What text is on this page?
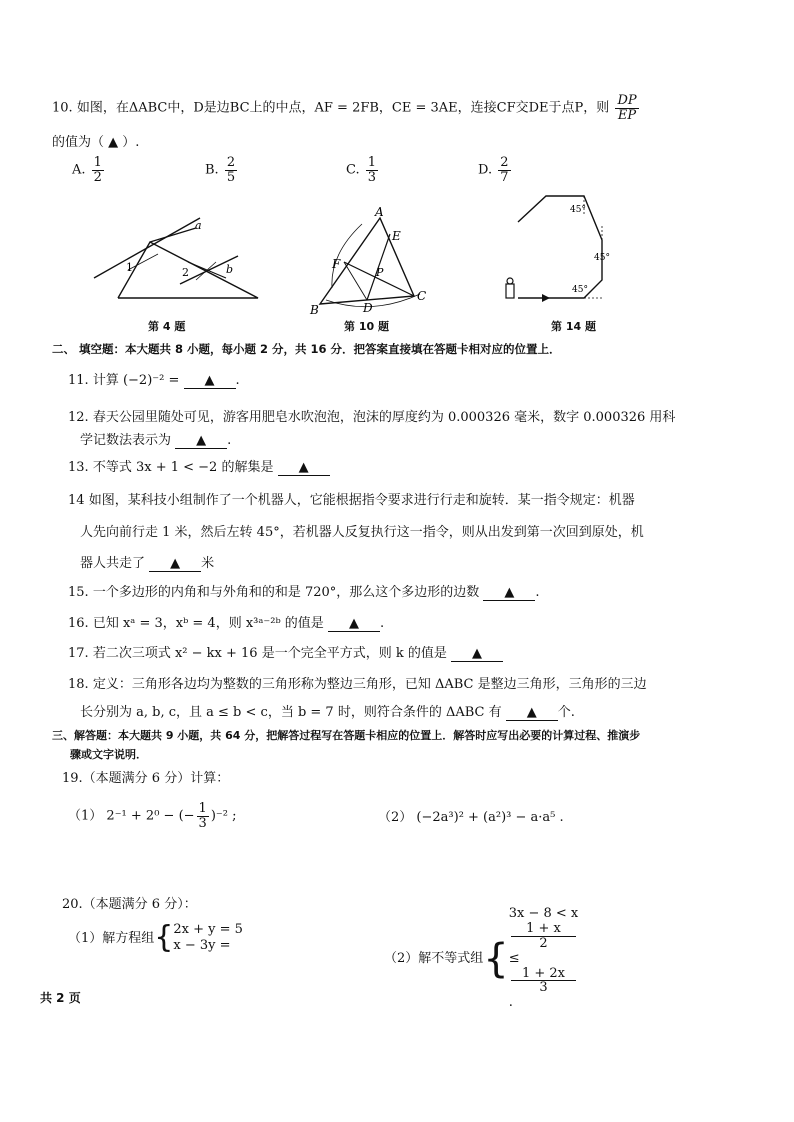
10. 如图，在ΔABC中，D是边BC上的中点，AF = 2FB，CE = 3AE，连接CF交DE于点P，则 $\frac{DP}{EP}$
的值为（ ▲ ）.
A. $\frac{1}{2}$	B. $\frac{2}{5}$	C. $\frac{1}{3}$	D. $\frac{2}{7}$
a
b
1	2
第 4 题
A
B
C
D
E
F
P
第 10 题
45°
45°
45°
第 14 题
二、 填空题：本大题共 8 小题，每小题 2 分，共 16 分．把答案直接填在答题卡相对应的位置上．
11. 计算 (−2)⁻² = ▲ .
12. 春天公园里随处可见，游客用肥皂水吹泡泡，泡沫的厚度约为 0.000326 毫米，数字 0.000326 用科
学记数法表示为 ▲ .
13. 不等式 3x + 1 < −2 的解集是 ▲
14 如图，某科技小组制作了一个机器人，它能根据指令要求进行行走和旋转．某一指令规定：机器
人先向前行走 1 米，然后左转 45°，若机器人反复执行这一指令，则从出发到第一次回到原处，机
器人共走了 ▲ 米
15. 一个多边形的内角和与外角和的和是 720°，那么这个多边形的边数 ▲ .
16. 已知 xᵃ = 3，xᵇ = 4，则 x³ᵃ⁻²ᵇ 的值是 ▲ .
17. 若二次三项式 x² − kx + 16 是一个完全平方式，则 k 的值是 ▲
18. 定义：三角形各边均为整数的三角形称为整边三角形，已知 ΔABC 是整边三角形，三角形的三边
长分别为 a, b, c，且 a ≤ b < c，当 b = 7 时，则符合条件的 ΔABC 有 ▲ 个.
三、解答题：本大题共 9 小题，共 64 分，把解答过程写在答题卡相应的位置上．解答时应写出必要的计算过程、推演步
骤或文字说明．
19.（本题满分 6 分）计算：
（1） 2⁻¹ + 2⁰ − (− $\frac{1}{3} )^{-2}$ ;	（2） (−2a³)² + (a²)³ − a·a⁵ .
20.（本题满分 6 分）：
（1）解方程组{ 2x + y = 5
x − 3y =
（2）解不等式组{
3x − 8 < x
1 + x
2
≤
1 + 2x
3
.
共 2 页
